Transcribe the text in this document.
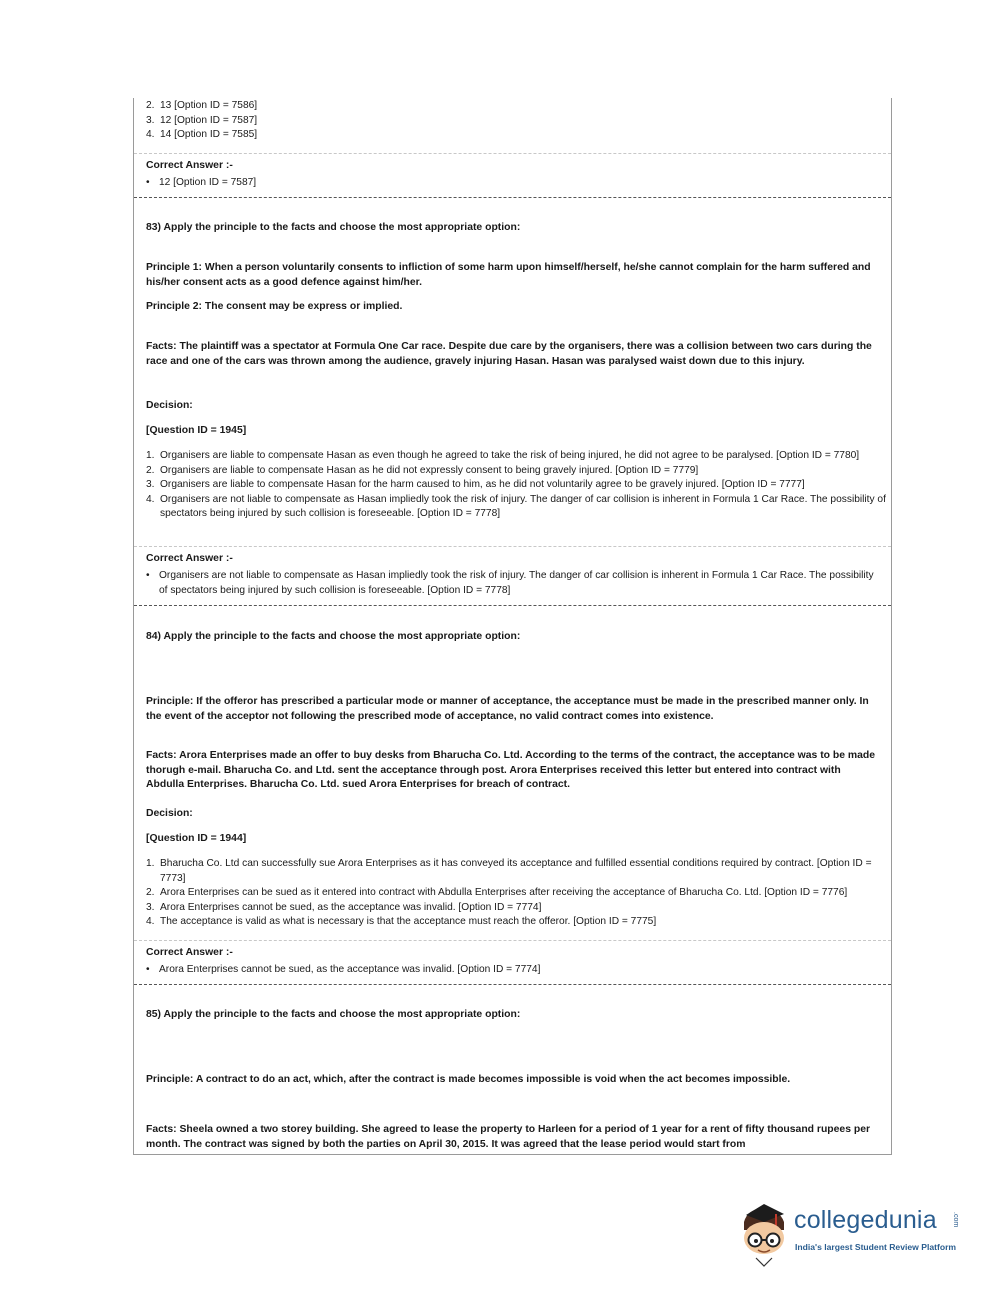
2. 13 [Option ID = 7586]
3. 12 [Option ID = 7587]
4. 14 [Option ID = 7585]

Correct Answer :-

• 12 [Option ID = 7587]

83) Apply the principle to the facts and choose the most appropriate option:

Principle 1: When a person voluntarily consents to infliction of some harm upon himself/herself, he/she cannot complain for the harm suffered and his/her consent acts as a good defence against him/her.

Principle 2: The consent may be express or implied.

Facts: The plaintiff was a spectator at Formula One Car race. Despite due care by the organisers, there was a collision between two cars during the race and one of the cars was thrown among the audience, gravely injuring Hasan. Hasan was paralysed waist down due to this injury.

Decision:

[Question ID = 1945]

1. Organisers are liable to compensate Hasan as even though he agreed to take the risk of being injured, he did not agree to be paralysed. [Option ID = 7780]
2. Organisers are liable to compensate Hasan as he did not expressly consent to being gravely injured. [Option ID = 7779]
3. Organisers are liable to compensate Hasan for the harm caused to him, as he did not voluntarily agree to be gravely injured. [Option ID = 7777]
4. Organisers are not liable to compensate as Hasan impliedly took the risk of injury. The danger of car collision is inherent in Formula 1 Car Race. The possibility of spectators being injured by such collision is foreseeable. [Option ID = 7778]

Correct Answer :-

• Organisers are not liable to compensate as Hasan impliedly took the risk of injury. The danger of car collision is inherent in Formula 1 Car Race. The possibility of spectators being injured by such collision is foreseeable. [Option ID = 7778]

84) Apply the principle to the facts and choose the most appropriate option:

Principle: If the offeror has prescribed a particular mode or manner of acceptance, the acceptance must be made in the prescribed manner only. In the event of the acceptor not following the prescribed mode of acceptance, no valid contract comes into existence.

Facts: Arora Enterprises made an offer to buy desks from Bharucha Co. Ltd. According to the terms of the contract, the acceptance was to be made thorugh e-mail. Bharucha Co. and Ltd. sent the acceptance through post. Arora Enterprises received this letter but entered into contract with Abdulla Enterprises. Bharucha Co. Ltd. sued Arora Enterprises for breach of contract.

Decision:

[Question ID = 1944]

1. Bharucha Co. Ltd can successfully sue Arora Enterprises as it has conveyed its acceptance and fulfilled essential conditions required by contract. [Option ID = 7773]
2. Arora Enterprises can be sued as it entered into contract with Abdulla Enterprises after receiving the acceptance of Bharucha Co. Ltd. [Option ID = 7776]
3. Arora Enterprises cannot be sued, as the acceptance was invalid. [Option ID = 7774]
4. The acceptance is valid as what is necessary is that the acceptance must reach the offeror. [Option ID = 7775]

Correct Answer :-

• Arora Enterprises cannot be sued, as the acceptance was invalid. [Option ID = 7774]

85) Apply the principle to the facts and choose the most appropriate option:

Principle: A contract to do an act, which, after the contract is made becomes impossible is void when the act becomes impossible.

Facts: Sheela owned a two storey building. She agreed to lease the property to Harleen for a period of 1 year for a rent of fifty thousand rupees per month. The contract was signed by both the parties on April 30, 2015. It was agreed that the lease period would start from

collegedunia .com
India's largest Student Review Platform
